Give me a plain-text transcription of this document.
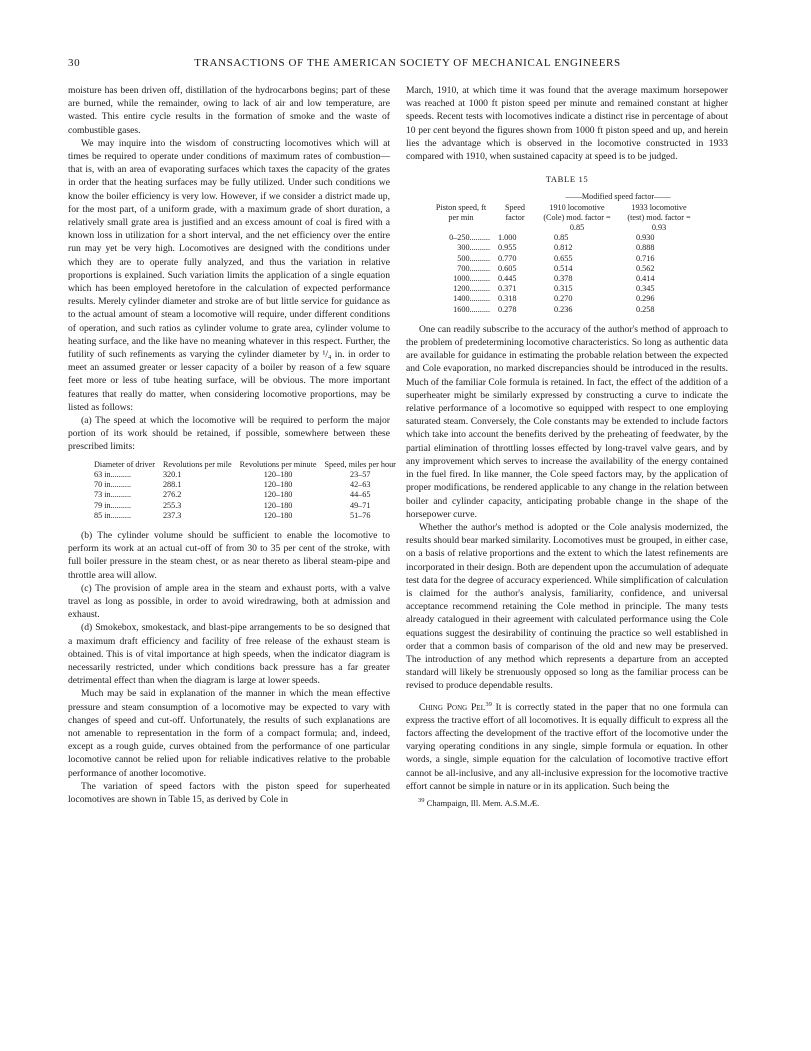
30	TRANSACTIONS OF THE AMERICAN SOCIETY OF MECHANICAL ENGINEERS

moisture has been driven off, distillation of the hydrocarbons begins; part of these are burned, while the remainder, owing to lack of air and low temperature, are wasted. This entire cycle results in the formation of smoke and the waste of combustible gases.

We may inquire into the wisdom of constructing locomotives which will at times be required to operate under conditions of maximum rates of combustion—that is, with an area of evaporating surfaces which taxes the capacity of the grates in order that the heating surfaces may be fully utilized. Under such conditions we know the boiler efficiency is very low. However, if we consider a district made up, for the most part, of a uniform grade, with a maximum grade of short duration, a relatively small grate area is justified and an excess amount of coal is fired with a known loss in utilization for a short interval, and the net efficiency over the entire run may yet be very high. Locomotives are designed with the conditions under which they are to operate fully analyzed, and thus the variation in relative proportions is explained. Such variation limits the application of a single equation which has been employed heretofore in the calculation of expected performance results. Merely cylinder diameter and stroke are of but little service for guidance as to the actual amount of steam a locomotive will require, under different conditions of operation, and such ratios as cylinder volume to grate area, cylinder volume to heating surface, and the like have no meaning whatever in this respect. Further, the futility of such refinements as varying the cylinder diameter by ¹/₄ in. in order to meet an assumed greater or lesser capacity of a boiler by reason of a few square feet more or less of tube heating surface, will be obvious. The more important features that really do matter, when considering locomotive proportions, may be listed as follows:

(a) The speed at which the locomotive will be required to perform the major portion of its work should be retained, if possible, somewhere between these prescribed limits:

Diameter of driver	Revolutions per mile	Revolutions per minute	Speed, miles per hour
63 in..........	320.1	120–180	23–57
70 in..........	288.1	120–180	42–63
73 in..........	276.2	120–180	44–65
79 in..........	255.3	120–180	49–71
85 in..........	237.3	120–180	51–76

(b) The cylinder volume should be sufficient to enable the locomotive to perform its work at an actual cut-off of from 30 to 35 per cent of the stroke, with full boiler pressure in the steam chest, or as near thereto as liberal steam-pipe and throttle area will allow.

(c) The provision of ample area in the steam and exhaust ports, with a valve travel as long as possible, in order to avoid wiredrawing, both at admission and exhaust.

(d) Smokebox, smokestack, and blast-pipe arrangements to be so designed that a maximum draft efficiency and facility of free release of the exhaust steam is obtained. This is of vital importance at high speeds, when the indicator diagram is necessarily restricted, under which conditions back pressure has a far greater detrimental effect than when the diagram is large at lower speeds.

Much may be said in explanation of the manner in which the mean effective pressure and steam consumption of a locomotive may be expected to vary with changes of speed and cut-off. Unfortunately, the results of such explanations are not amenable to representation in the form of a compact formula; and, indeed, except as a rough guide, curves obtained from the performance of one particular locomotive cannot be relied upon for reliable indicatives relative to the probable performance of another locomotive.

The variation of speed factors with the piston speed for superheated locomotives are shown in Table 15, as derived by Cole in

March, 1910, at which time it was found that the average maximum horsepower was reached at 1000 ft piston speed per minute and remained constant at higher speeds. Recent tests with locomotives indicate a distinct rise in percentage of about 10 per cent beyond the figures shown from 1000 ft piston speed and up, and herein lies the advantage which is observed in the locomotive constructed in 1933 compared with 1910, when sustained capacity at speed is to be judged.

TABLE 15
		——Modified speed factor——	
Piston speed, ft per min	Speed factor	1910 locomotive (Cole) mod. factor =	1933 locomotive (test) mod. factor =
		0.85	0.93
0–250..........	1.000	0.85	0.930
300..........	0.955	0.812	0.888
500..........	0.770	0.655	0.716
700..........	0.605	0.514	0.562
1000..........	0.445	0.378	0.414
1200..........	0.371	0.315	0.345
1400..........	0.318	0.270	0.296
1600..........	0.278	0.236	0.258

One can readily subscribe to the accuracy of the author's method of approach to the problem of predetermining locomotive characteristics. So long as authentic data are available for guidance in estimating the probable relation between the expected and Cole evaporation, no marked discrepancies should be introduced in the results. Much of the familiar Cole formula is retained. In fact, the effect of the addition of a superheater might be similarly expressed by constructing a curve to indicate the relative performance of a locomotive so equipped with respect to one employing saturated steam. Conversely, the Cole constants may be extended to include factors which take into account the benefits derived by the preheating of feedwater, by the partial elimination of throttling losses effected by long-travel valve gears, and by any improvement which serves to increase the availability of the energy contained in the fuel fired. In like manner, the Cole speed factors may, by the application of proper modifications, be rendered applicable to any change in the relation between boiler and cylinder capacity, anticipating probable change in the shape of the horsepower curve.

Whether the author's method is adopted or the Cole analysis modernized, the results should bear marked similarity. Locomotives must be grouped, in either case, on a basis of relative proportions and the extent to which the latest refinements are incorporated in their design. Both are dependent upon the accumulation of adequate test data for the degree of accuracy experienced. While simplification of calculation is claimed for the author's analysis, familiarity, confidence, and universal acceptance recommend retaining the Cole method in principle. The many tests already catalogued in their agreement with calculated performance using the Cole equations suggest the desirability of continuing the practice so well established in order that a common basis of comparison of the old and new may be preserved. The introduction of any method which represents a departure from an accepted standard will likely be strenuously opposed so long as the familiar process can be revised to produce dependable results.

Ching Pong Pei.$^{39}$ It is correctly stated in the paper that no one formula can express the tractive effort of all locomotives. It is equally difficult to express all the factors affecting the development of the tractive effort of the locomotive under the varying operating conditions in any single, simple formula or equation. In other words, a single, simple equation for the calculation of locomotive tractive effort cannot be all-inclusive, and any all-inclusive expression for the locomotive tractive effort cannot be simple in nature or in its application. Such being the

$^{39}$ Champaign, Ill. Mem. A.S.M.Æ.
